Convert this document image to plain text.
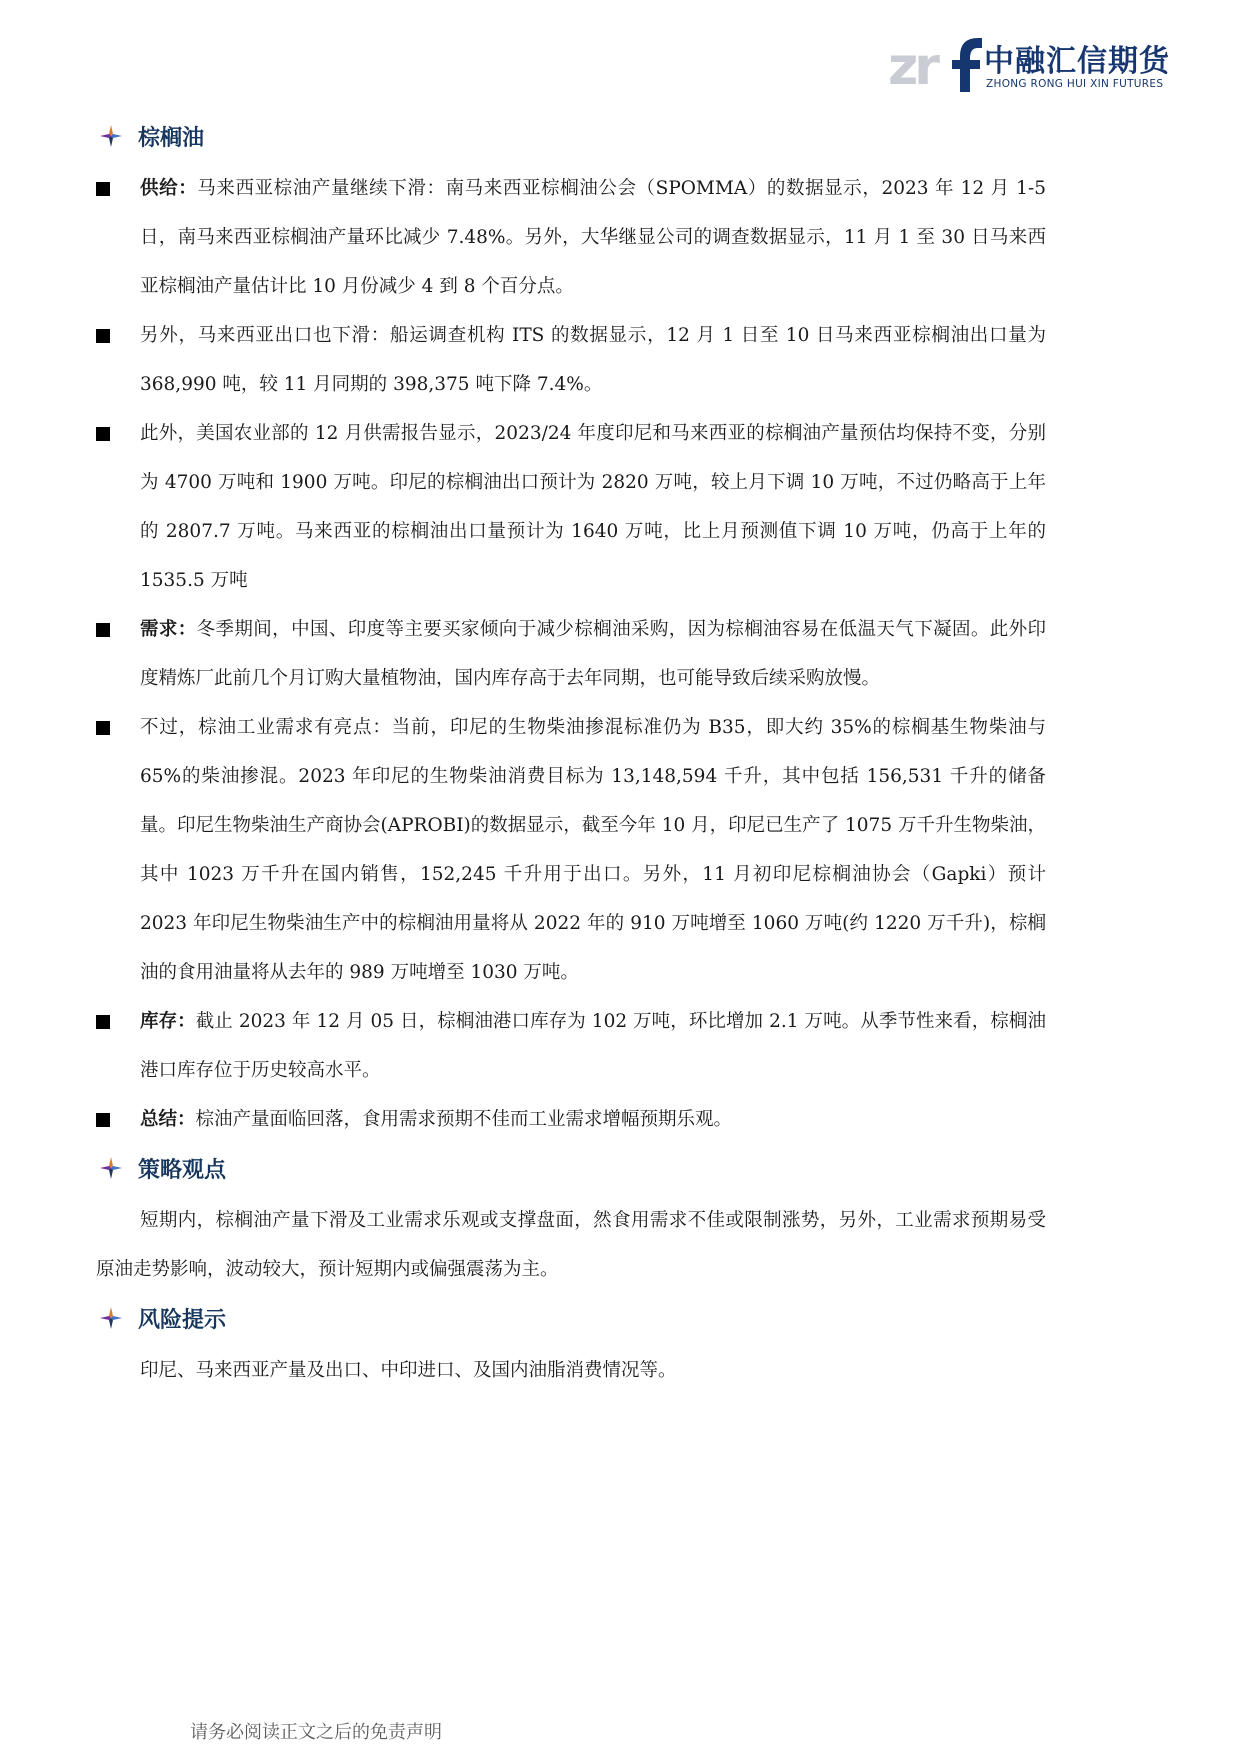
zr 中融汇信期货
ZHONG RONG HUI XIN FUTURES
棕榈油
供给：马来西亚棕油产量继续下滑：南马来西亚棕榈油公会（SPOMMA）的数据显示，2023 年 12 月 1-5 日，南马来西亚棕榈油产量环比减少 7.48%。另外，大华继显公司的调查数据显示，11 月 1 至 30 日马来西亚棕榈油产量估计比 10 月份减少 4 到 8 个百分点。
另外，马来西亚出口也下滑：船运调查机构 ITS 的数据显示，12 月 1 日至 10 日马来西亚棕榈油出口量为 368,990 吨，较 11 月同期的 398,375 吨下降 7.4%。
此外，美国农业部的 12 月供需报告显示，2023/24 年度印尼和马来西亚的棕榈油产量预估均保持不变，分别为 4700 万吨和 1900 万吨。印尼的棕榈油出口预计为 2820 万吨，较上月下调 10 万吨，不过仍略高于上年的 2807.7 万吨。马来西亚的棕榈油出口量预计为 1640 万吨，比上月预测值下调 10 万吨，仍高于上年的 1535.5 万吨
需求：冬季期间，中国、印度等主要买家倾向于减少棕榈油采购，因为棕榈油容易在低温天气下凝固。此外印度精炼厂此前几个月订购大量植物油，国内库存高于去年同期，也可能导致后续采购放慢。
不过，棕油工业需求有亮点：当前，印尼的生物柴油掺混标准仍为 B35，即大约 35%的棕榈基生物柴油与 65%的柴油掺混。2023 年印尼的生物柴油消费目标为 13,148,594 千升，其中包括 156,531 千升的储备量。印尼生物柴油生产商协会(APROBI)的数据显示，截至今年 10 月，印尼已生产了 1075 万千升生物柴油，其中 1023 万千升在国内销售，152,245 千升用于出口。另外，11 月初印尼棕榈油协会（Gapki）预计 2023 年印尼生物柴油生产中的棕榈油用量将从 2022 年的 910 万吨增至 1060 万吨(约 1220 万千升)，棕榈油的食用油量将从去年的 989 万吨增至 1030 万吨。
库存：截止 2023 年 12 月 05 日，棕榈油港口库存为 102 万吨，环比增加 2.1 万吨。从季节性来看，棕榈油港口库存位于历史较高水平。
总结：棕油产量面临回落，食用需求预期不佳而工业需求增幅预期乐观。
策略观点
短期内，棕榈油产量下滑及工业需求乐观或支撑盘面，然食用需求不佳或限制涨势，另外，工业需求预期易受原油走势影响，波动较大，预计短期内或偏强震荡为主。
风险提示
印尼、马来西亚产量及出口、中印进口、及国内油脂消费情况等。
请务必阅读正文之后的免责声明
